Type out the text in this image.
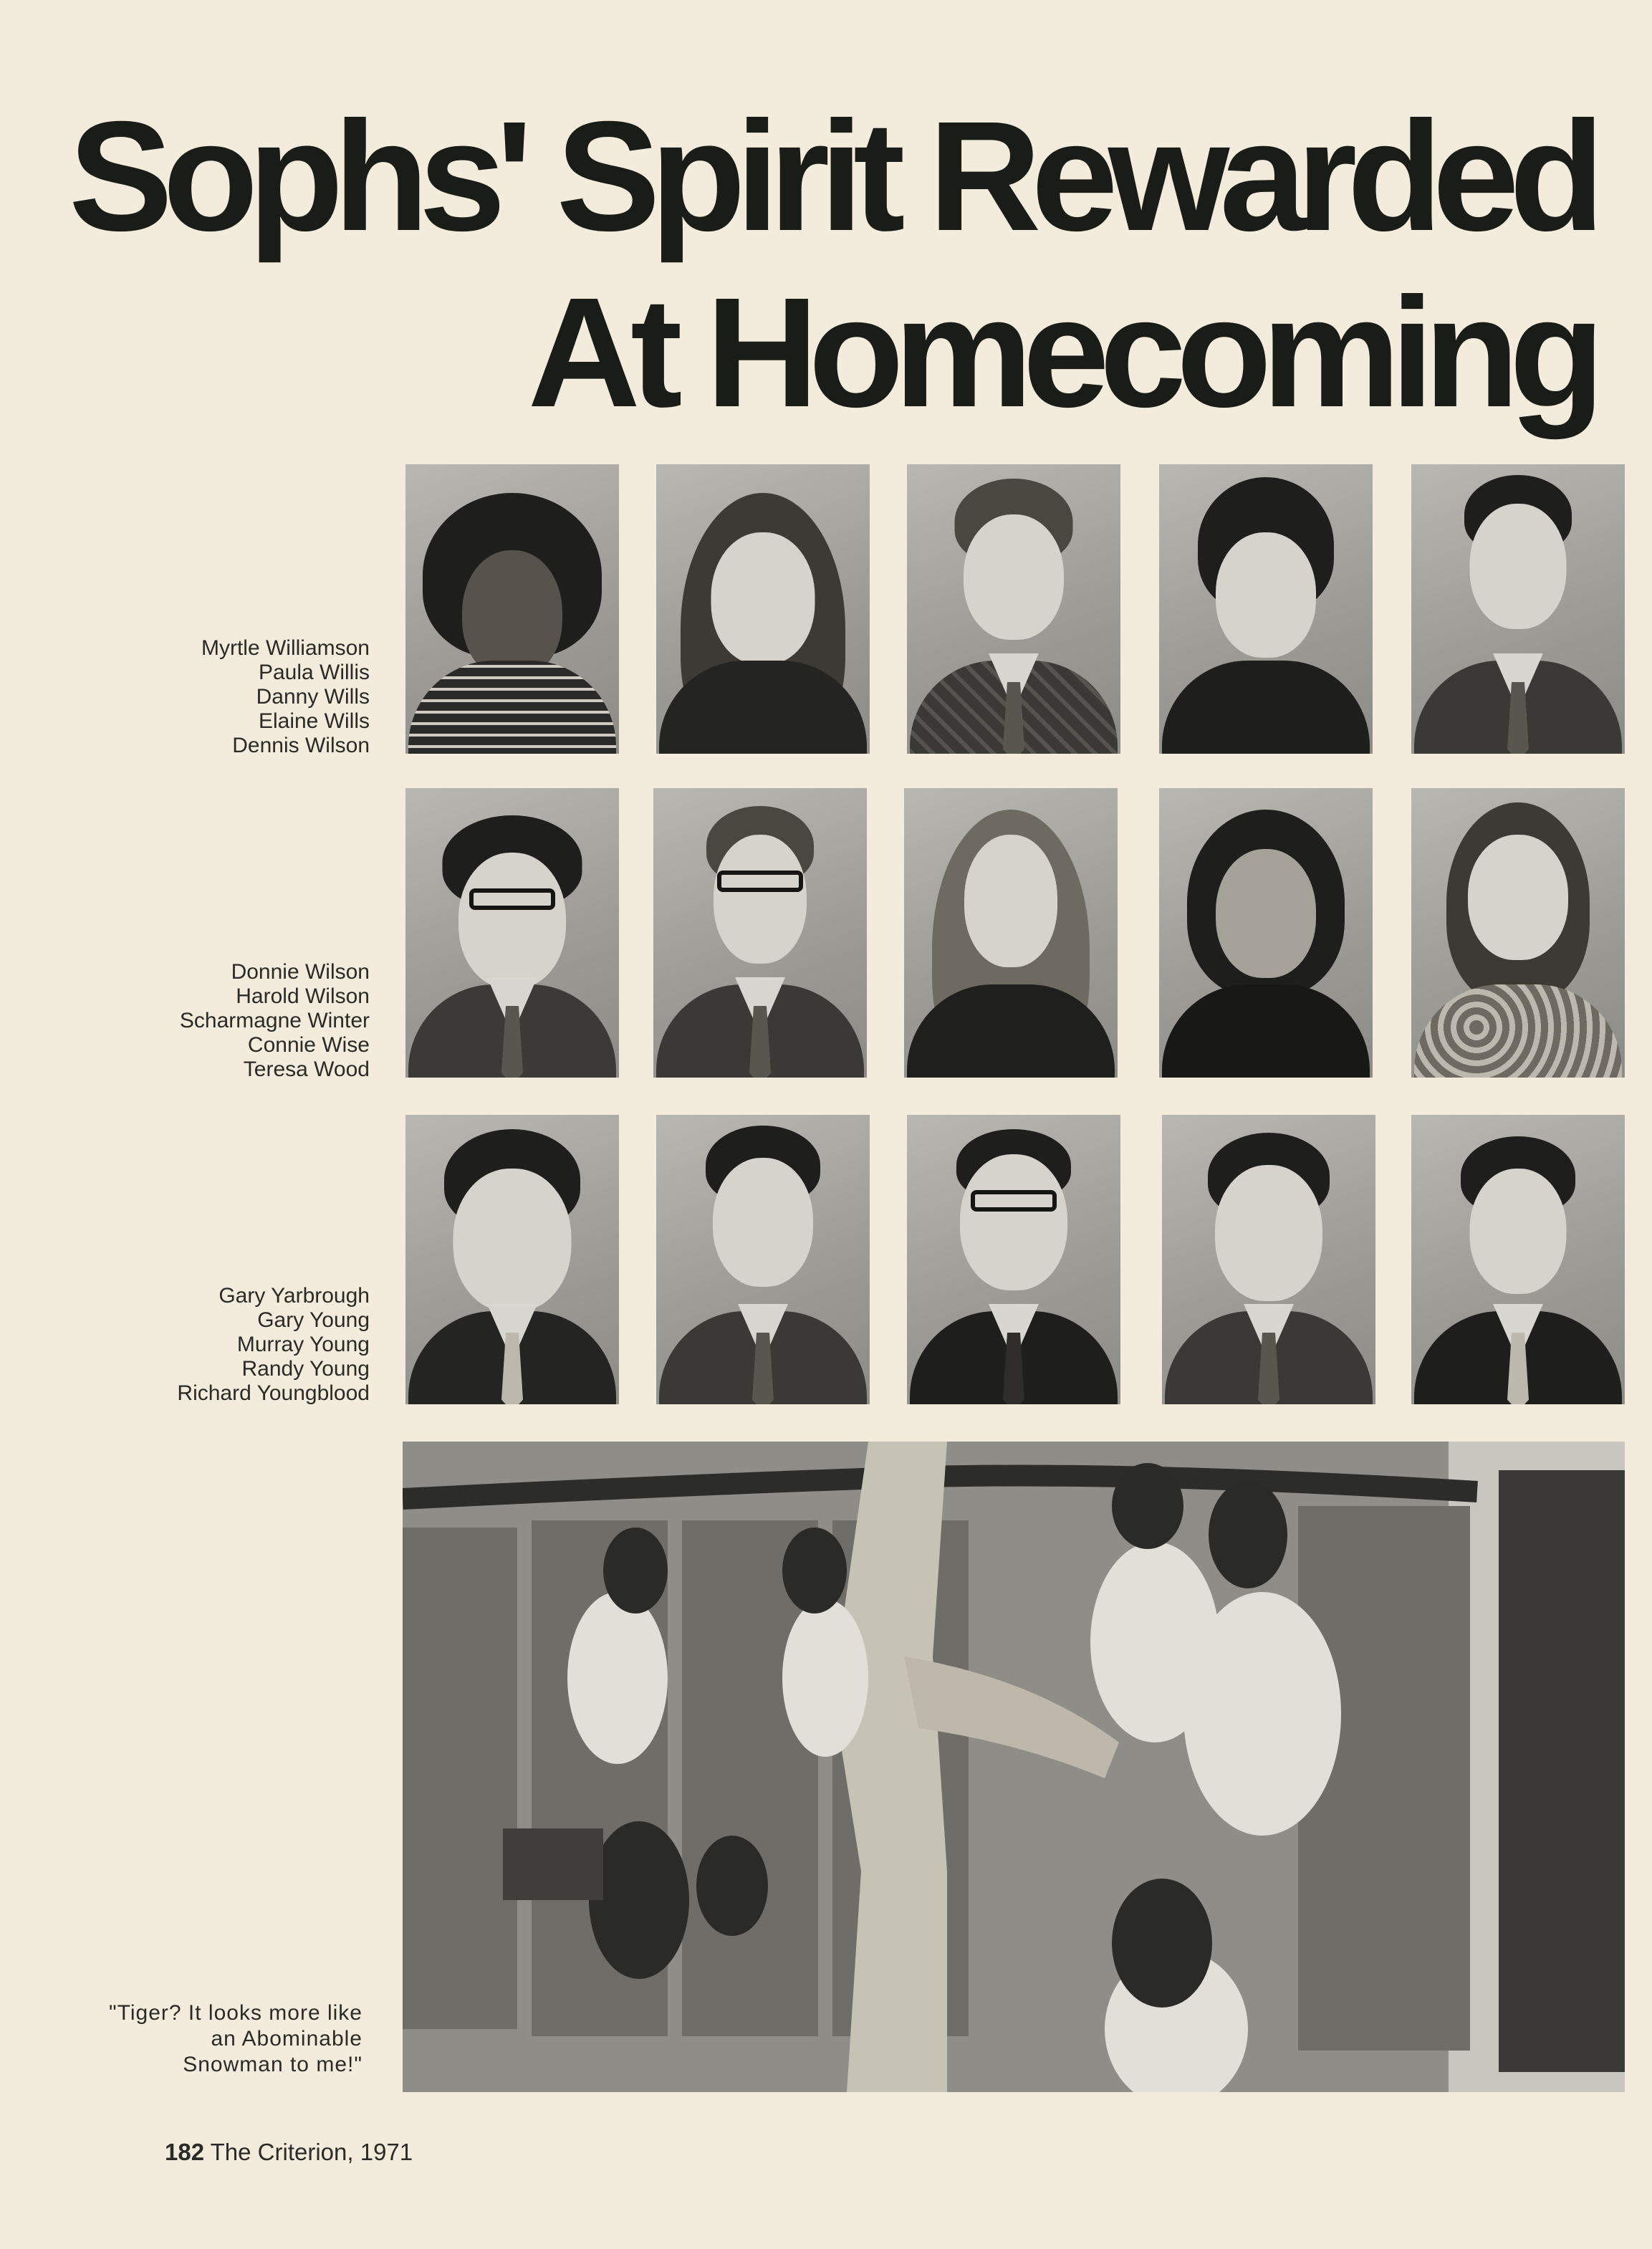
Sophs' Spirit Rewarded
At Homecoming
Myrtle Williamson
Paula Willis
Danny Wills
Elaine Wills
Dennis Wilson
Donnie Wilson
Harold Wilson
Scharmagne Winter
Connie Wise
Teresa Wood
Gary Yarbrough
Gary Young
Murray Young
Randy Young
Richard Youngblood
"Tiger? It looks more like an Abominable Snowman to me!"
182 The Criterion, 1971
